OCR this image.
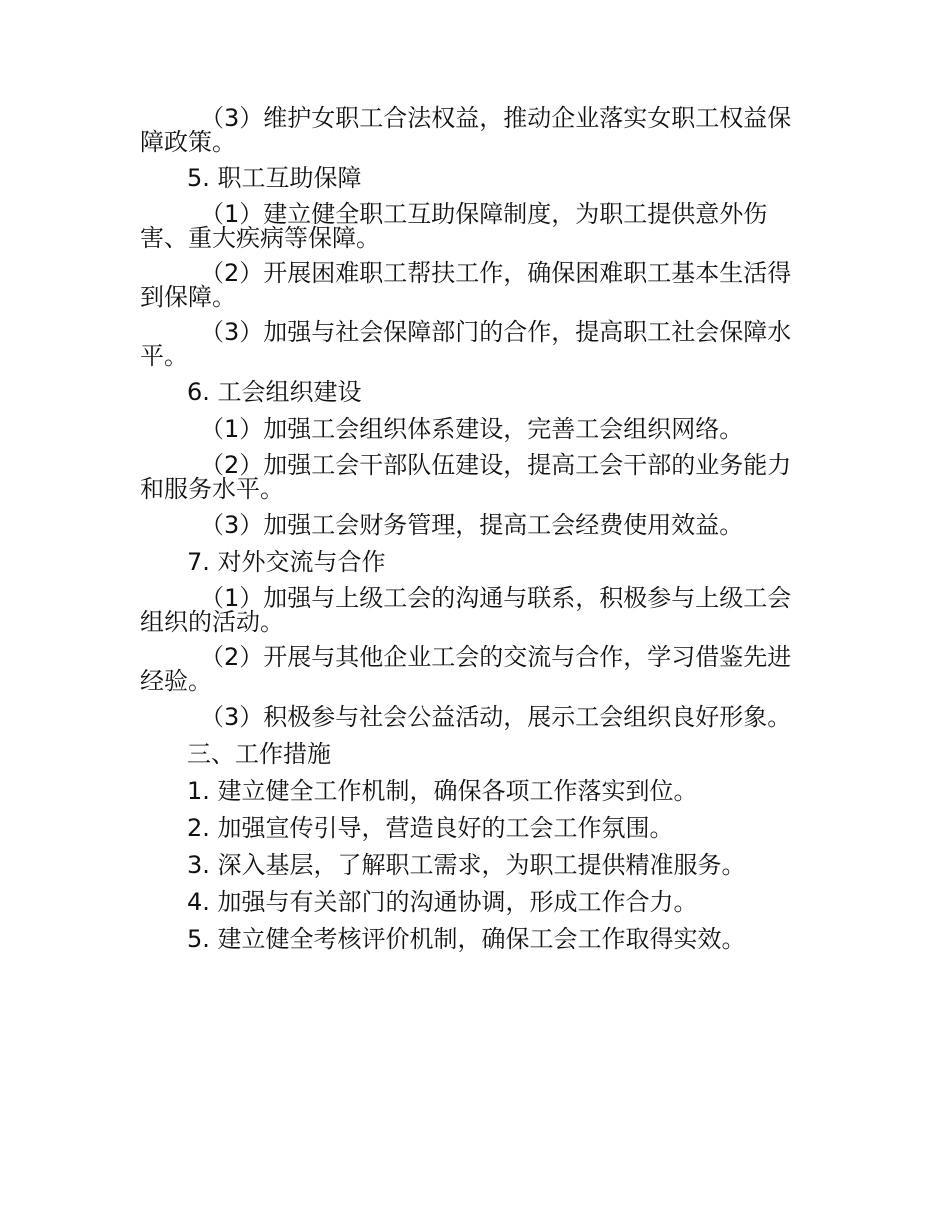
（3）维护女职工合法权益，推动企业落实女职工权益保
障政策。
5. 职工互助保障
（1）建立健全职工互助保障制度，为职工提供意外伤
害、重大疾病等保障。
（2）开展困难职工帮扶工作，确保困难职工基本生活得
到保障。
（3）加强与社会保障部门的合作，提高职工社会保障水
平。
6. 工会组织建设
（1）加强工会组织体系建设，完善工会组织网络。
（2）加强工会干部队伍建设，提高工会干部的业务能力
和服务水平。
（3）加强工会财务管理，提高工会经费使用效益。
7. 对外交流与合作
（1）加强与上级工会的沟通与联系，积极参与上级工会
组织的活动。
（2）开展与其他企业工会的交流与合作，学习借鉴先进
经验。
（3）积极参与社会公益活动，展示工会组织良好形象。
三、工作措施
1. 建立健全工作机制，确保各项工作落实到位。
2. 加强宣传引导，营造良好的工会工作氛围。
3. 深入基层，了解职工需求，为职工提供精准服务。
4. 加强与有关部门的沟通协调，形成工作合力。
5. 建立健全考核评价机制，确保工会工作取得实效。
